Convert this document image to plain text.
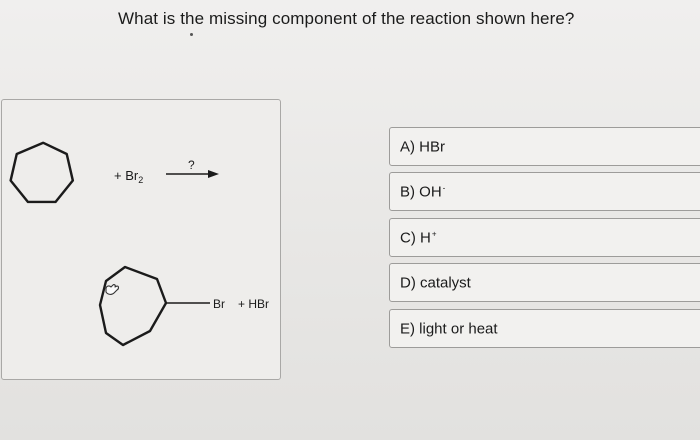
What is the missing component of the reaction shown here?
+ $Br_2$
?
Br + HBr
A) HBr
B) OH-
C) H+
D) catalyst
E) light or heat
